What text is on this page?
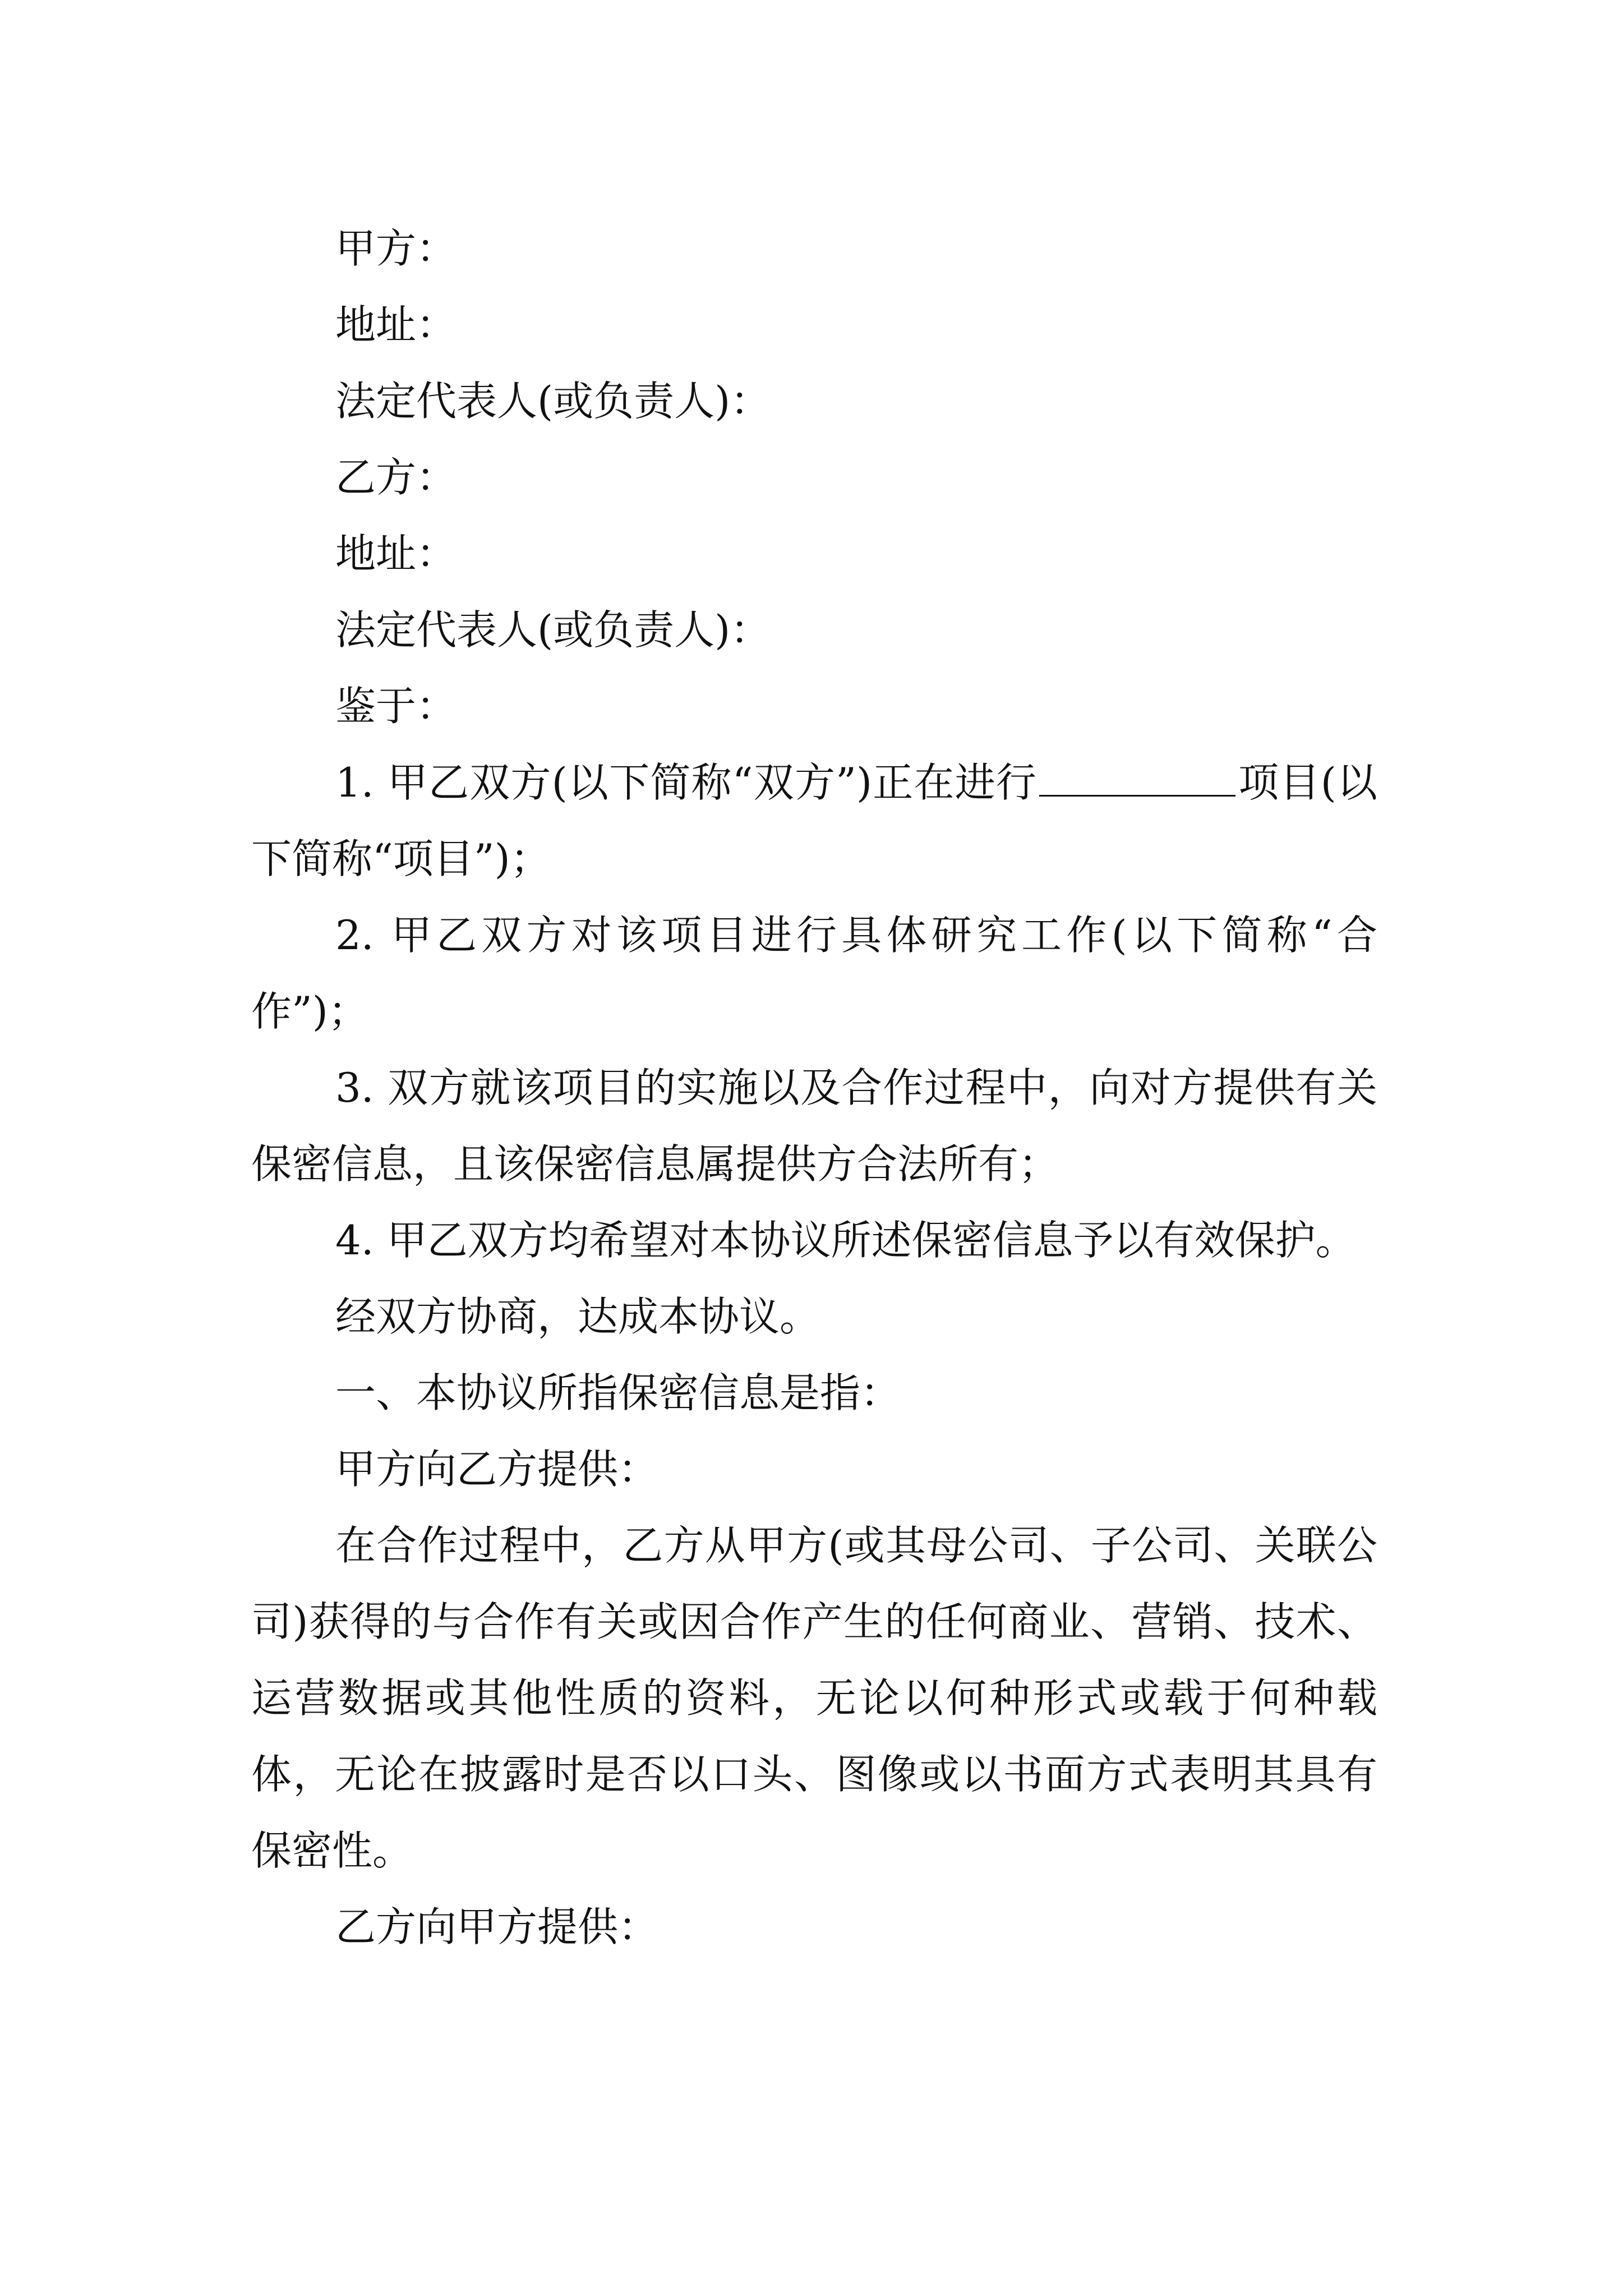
甲方：

地址：

法定代表人(或负责人)：

乙方：

地址：

法定代表人(或负责人)：

鉴于：

1. 甲乙双方(以下简称“双方”)正在进行	项目(以下简称“项目”)；

2. 甲乙双方对该项目进行具体研究工作(以下简称“合作”)；

3. 双方就该项目的实施以及合作过程中，向对方提供有关保密信息，且该保密信息属提供方合法所有；

4. 甲乙双方均希望对本协议所述保密信息予以有效保护。

经双方协商，达成本协议。

一、本协议所指保密信息是指：

甲方向乙方提供：

在合作过程中，乙方从甲方(或其母公司、子公司、关联公司)获得的与合作有关或因合作产生的任何商业、营销、技术、运营数据或其他性质的资料，无论以何种形式或载于何种载体，无论在披露时是否以口头、图像或以书面方式表明其具有保密性。

乙方向甲方提供：
